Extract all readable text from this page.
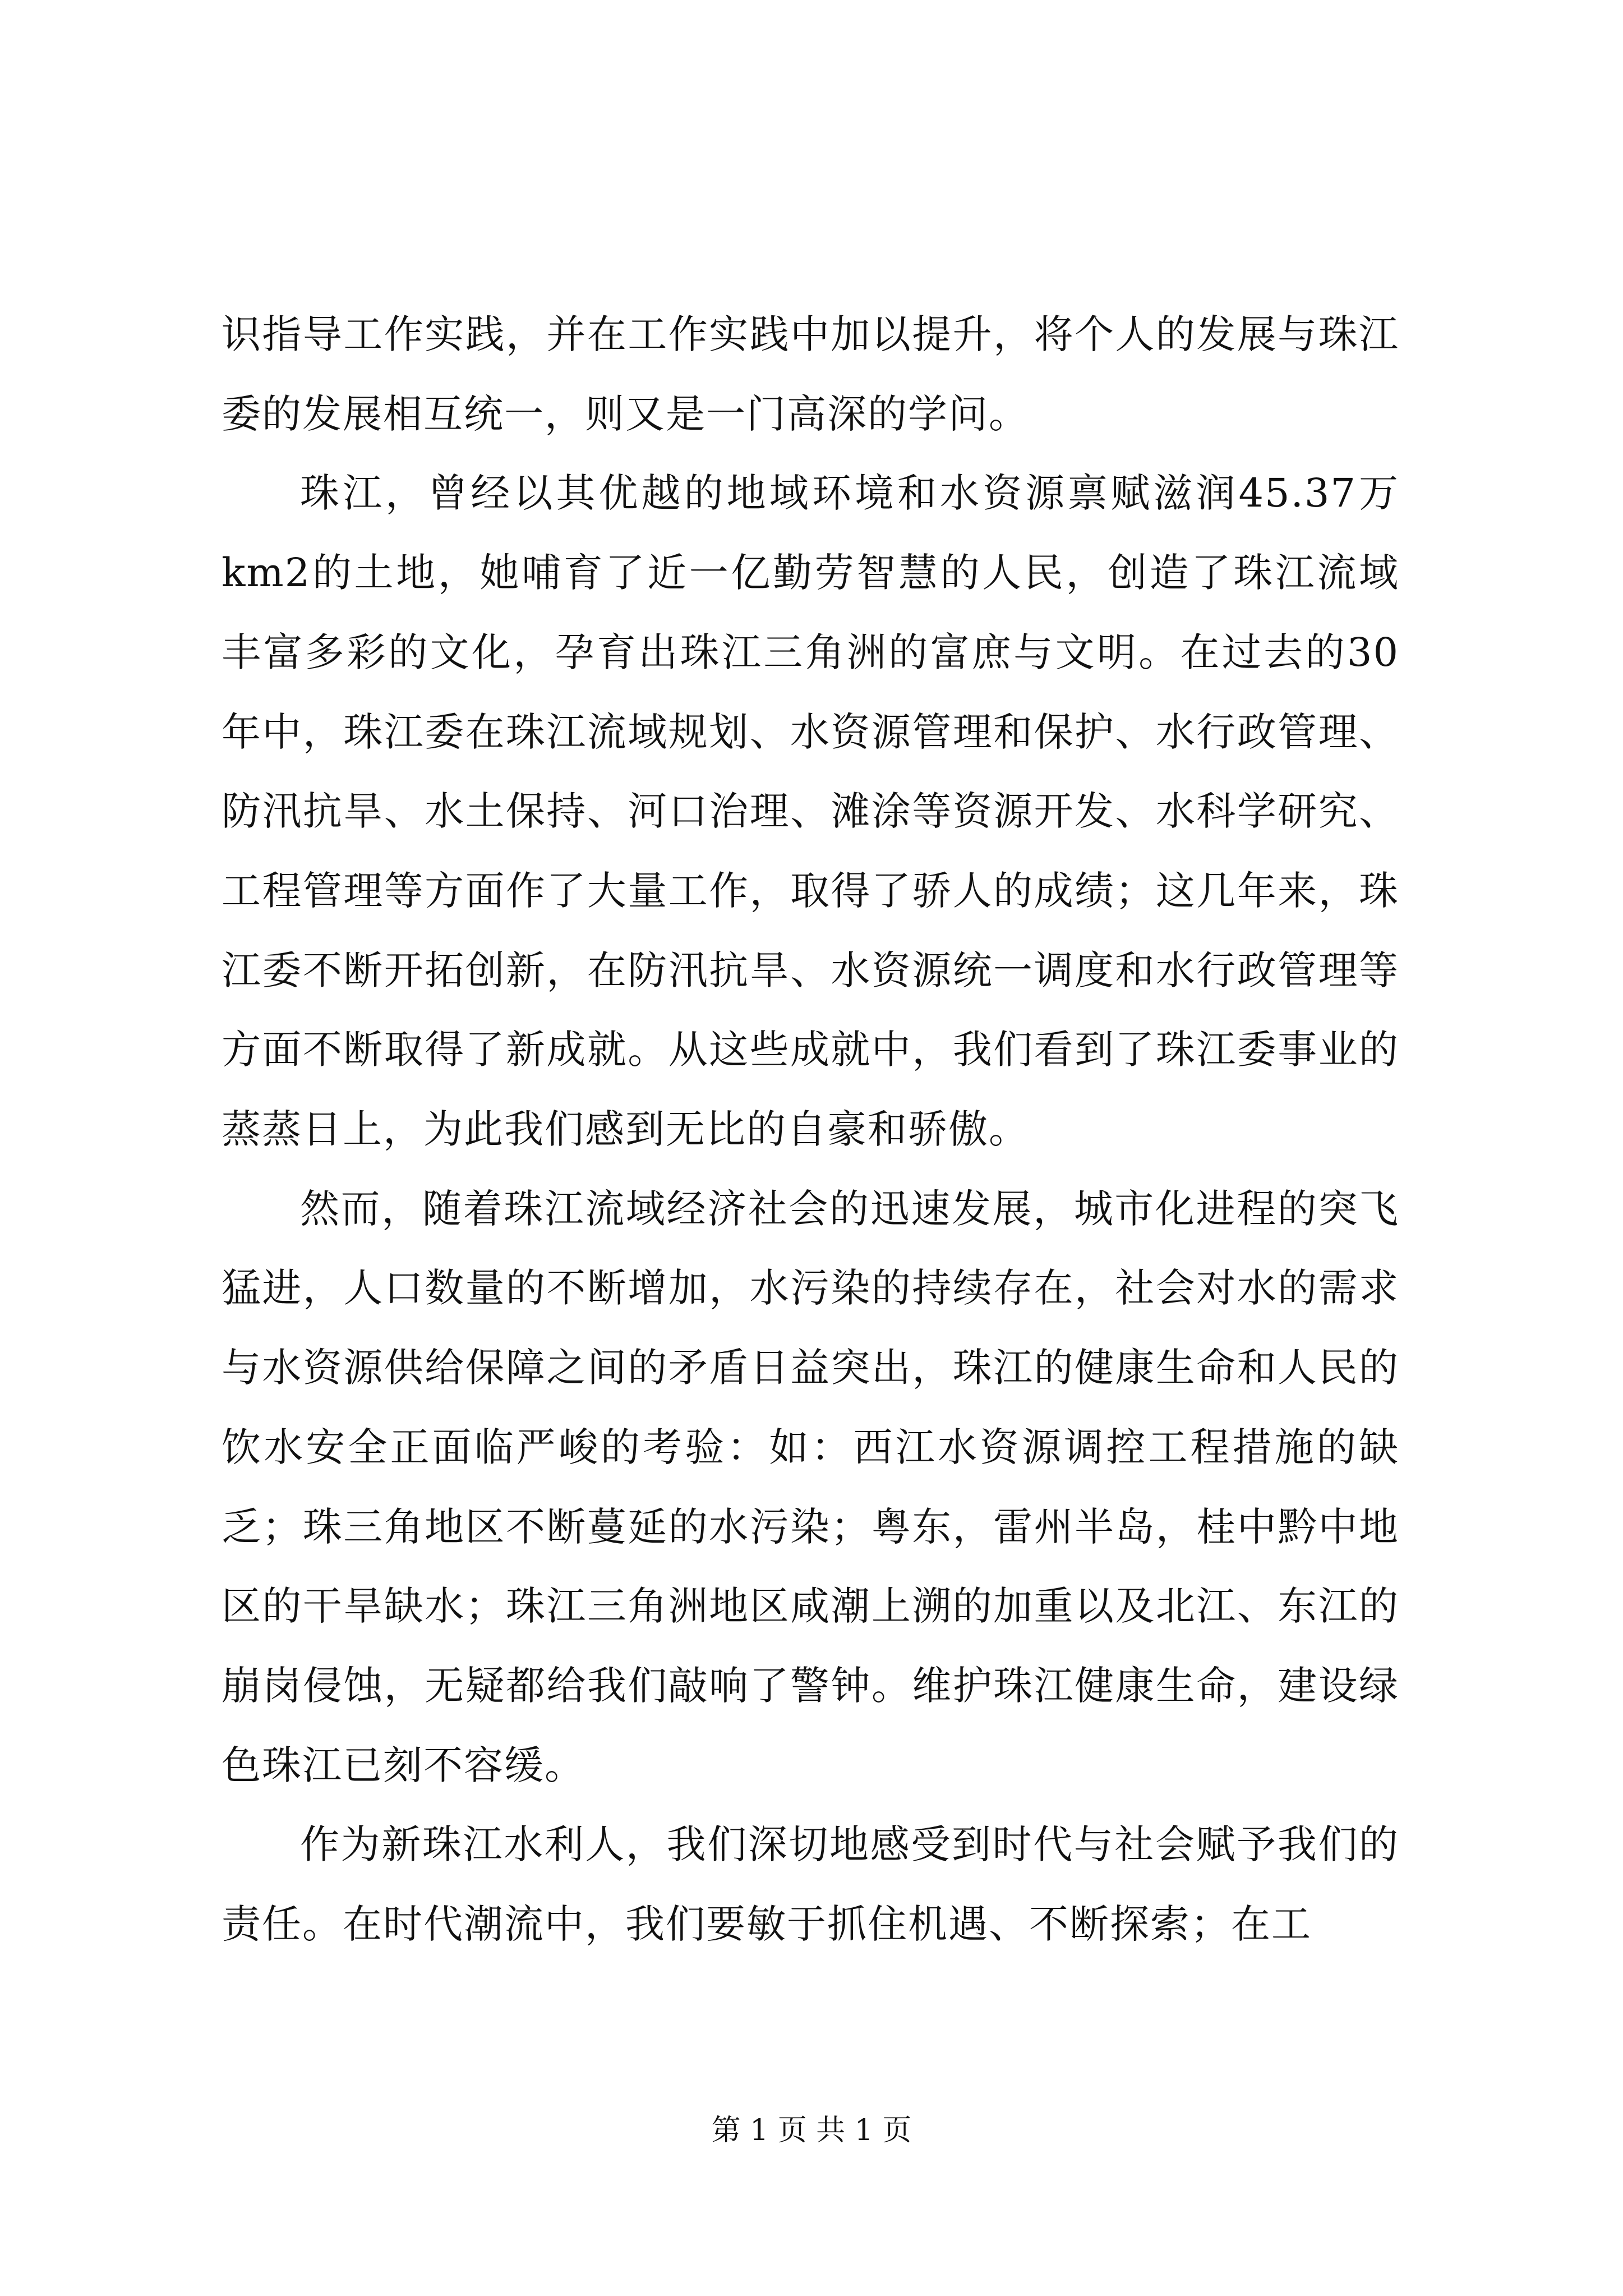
识指导工作实践，并在工作实践中加以提升，将个人的发展与珠江委的发展相互统一，则又是一门高深的学问。

珠江，曾经以其优越的地域环境和水资源禀赋滋润45.37万km2的土地，她哺育了近一亿勤劳智慧的人民，创造了珠江流域丰富多彩的文化，孕育出珠江三角洲的富庶与文明。在过去的30年中，珠江委在珠江流域规划、水资源管理和保护、水行政管理、防汛抗旱、水土保持、河口治理、滩涂等资源开发、水科学研究、工程管理等方面作了大量工作，取得了骄人的成绩；这几年来，珠江委不断开拓创新，在防汛抗旱、水资源统一调度和水行政管理等方面不断取得了新成就。从这些成就中，我们看到了珠江委事业的蒸蒸日上，为此我们感到无比的自豪和骄傲。

然而，随着珠江流域经济社会的迅速发展，城市化进程的突飞猛进，人口数量的不断增加，水污染的持续存在，社会对水的需求与水资源供给保障之间的矛盾日益突出，珠江的健康生命和人民的饮水安全正面临严峻的考验：如：西江水资源调控工程措施的缺乏；珠三角地区不断蔓延的水污染；粤东，雷州半岛，桂中黔中地区的干旱缺水；珠江三角洲地区咸潮上溯的加重以及北江、东江的崩岗侵蚀，无疑都给我们敲响了警钟。维护珠江健康生命，建设绿色珠江已刻不容缓。

作为新珠江水利人，我们深切地感受到时代与社会赋予我们的责任。在时代潮流中，我们要敏于抓住机遇、不断探索；在工

第 1 页 共 1 页
